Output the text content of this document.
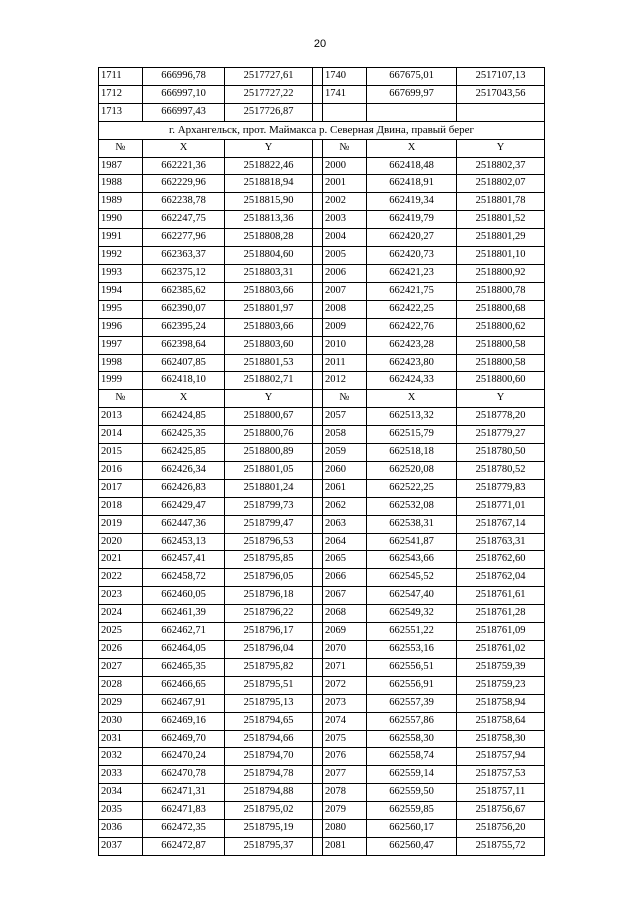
20
1711	666996,78	2517727,61		1740	667675,01	2517107,13
1712	666997,10	2517727,22		1741	667699,97	2517043,56
1713	666997,43	2517726,87				
г. Архангельск, прот. Маймакса р. Северная Двина, правый берег						
№	X	Y		№	X	Y
1987	662221,36	2518822,46		2000	662418,48	2518802,37
1988	662229,96	2518818,94		2001	662418,91	2518802,07
1989	662238,78	2518815,90		2002	662419,34	2518801,78
1990	662247,75	2518813,36		2003	662419,79	2518801,52
1991	662277,96	2518808,28		2004	662420,27	2518801,29
1992	662363,37	2518804,60		2005	662420,73	2518801,10
1993	662375,12	2518803,31		2006	662421,23	2518800,92
1994	662385,62	2518803,66		2007	662421,75	2518800,78
1995	662390,07	2518801,97		2008	662422,25	2518800,68
1996	662395,24	2518803,66		2009	662422,76	2518800,62
1997	662398,64	2518803,60		2010	662423,28	2518800,58
1998	662407,85	2518801,53		2011	662423,80	2518800,58
1999	662418,10	2518802,71		2012	662424,33	2518800,60
№	X	Y		№	X	Y
2013	662424,85	2518800,67		2057	662513,32	2518778,20
2014	662425,35	2518800,76		2058	662515,79	2518779,27
2015	662425,85	2518800,89		2059	662518,18	2518780,50
2016	662426,34	2518801,05		2060	662520,08	2518780,52
2017	662426,83	2518801,24		2061	662522,25	2518779,83
2018	662429,47	2518799,73		2062	662532,08	2518771,01
2019	662447,36	2518799,47		2063	662538,31	2518767,14
2020	662453,13	2518796,53		2064	662541,87	2518763,31
2021	662457,41	2518795,85		2065	662543,66	2518762,60
2022	662458,72	2518796,05		2066	662545,52	2518762,04
2023	662460,05	2518796,18		2067	662547,40	2518761,61
2024	662461,39	2518796,22		2068	662549,32	2518761,28
2025	662462,71	2518796,17		2069	662551,22	2518761,09
2026	662464,05	2518796,04		2070	662553,16	2518761,02
2027	662465,35	2518795,82		2071	662556,51	2518759,39
2028	662466,65	2518795,51		2072	662556,91	2518759,23
2029	662467,91	2518795,13		2073	662557,39	2518758,94
2030	662469,16	2518794,65		2074	662557,86	2518758,64
2031	662469,70	2518794,66		2075	662558,30	2518758,30
2032	662470,24	2518794,70		2076	662558,74	2518757,94
2033	662470,78	2518794,78		2077	662559,14	2518757,53
2034	662471,31	2518794,88		2078	662559,50	2518757,11
2035	662471,83	2518795,02		2079	662559,85	2518756,67
2036	662472,35	2518795,19		2080	662560,17	2518756,20
2037	662472,87	2518795,37		2081	662560,47	2518755,72
